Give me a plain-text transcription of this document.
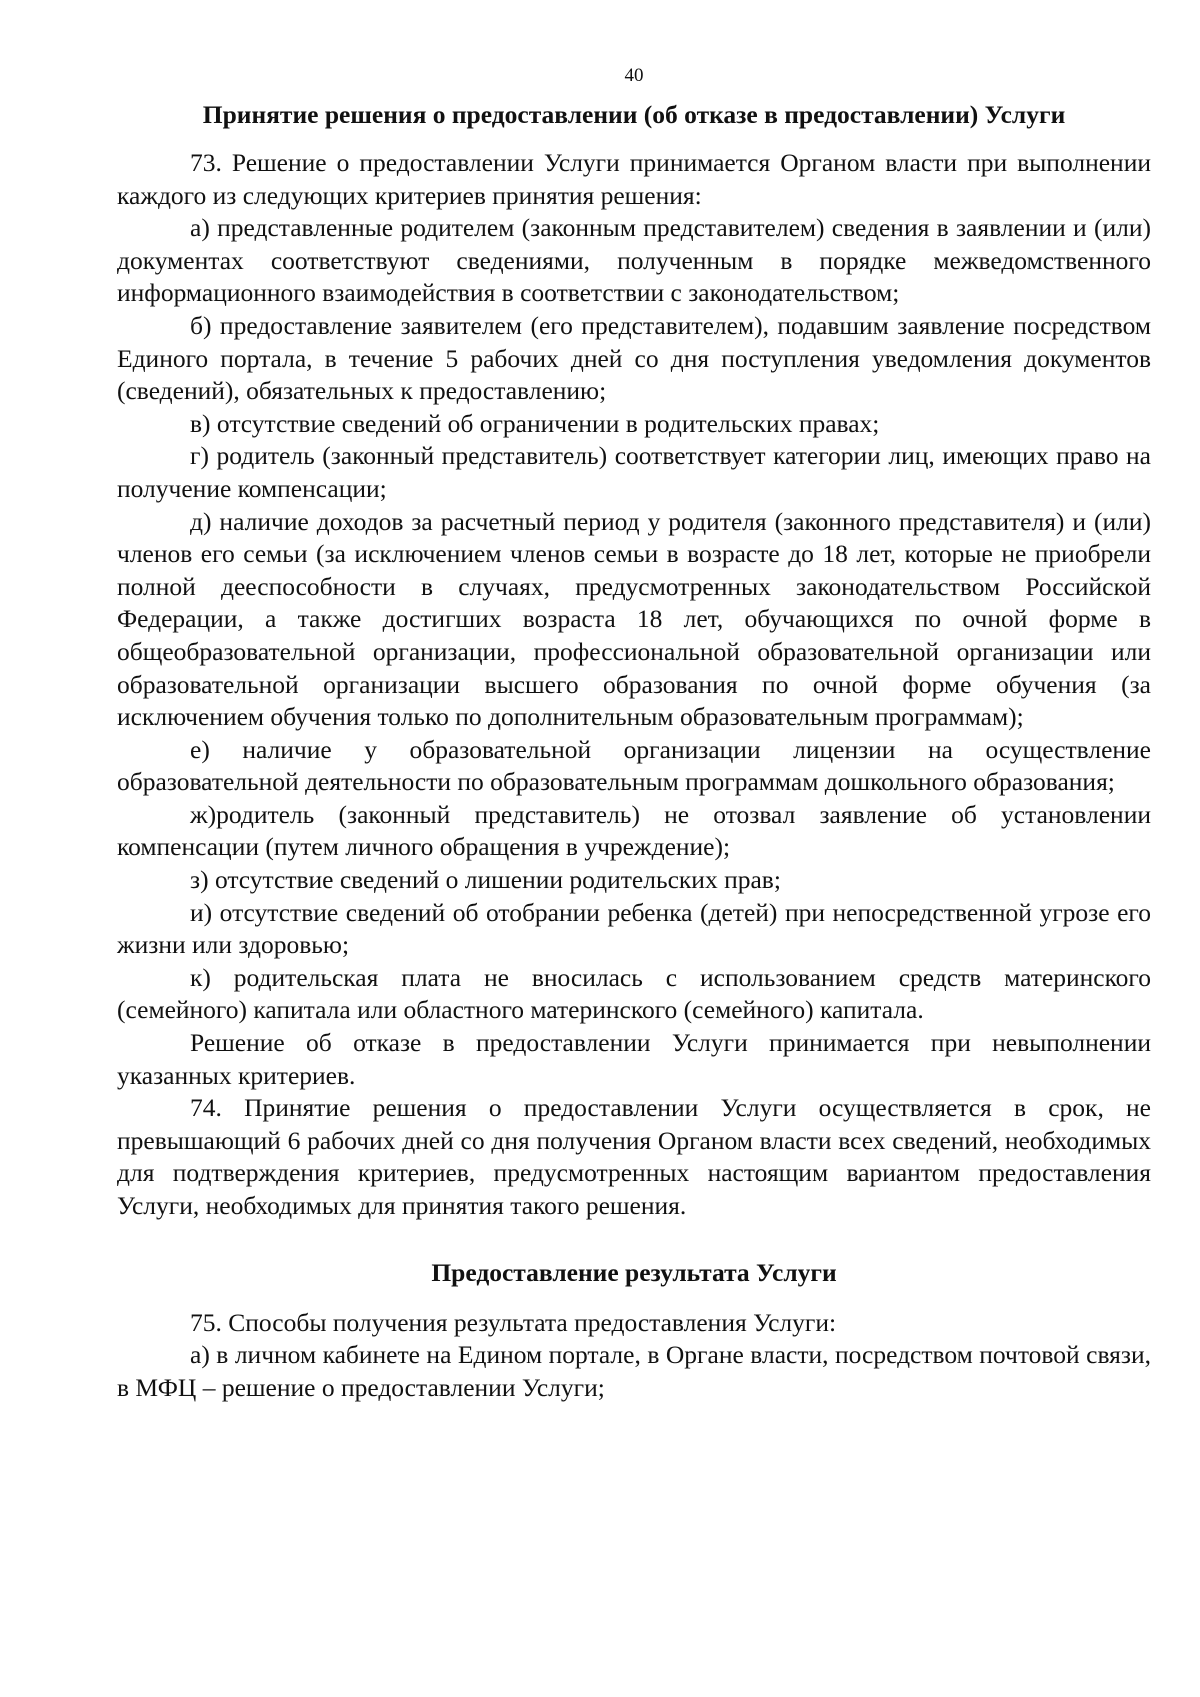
40
Принятие решения о предоставлении (об отказе в предоставлении) Услуги

73. Решение о предоставлении Услуги принимается Органом власти при выполнении каждого из следующих критериев принятия решения:

а) представленные родителем (законным представителем) сведения в заявлении и (или) документах соответствуют сведениями, полученным в порядке межведомственного информационного взаимодействия в соответствии с законодательством;

б) предоставление заявителем (его представителем), подавшим заявление посредством Единого портала, в течение 5 рабочих дней со дня поступления уведомления документов (сведений), обязательных к предоставлению;

в) отсутствие сведений об ограничении в родительских правах;

г) родитель (законный представитель) соответствует категории лиц, имеющих право на получение компенсации;

д) наличие доходов за расчетный период у родителя (законного представителя) и (или) членов его семьи (за исключением членов семьи в возрасте до 18 лет, которые не приобрели полной дееспособности в случаях, предусмотренных законодательством Российской Федерации, а также достигших возраста 18 лет, обучающихся по очной форме в общеобразовательной организации, профессиональной образовательной организации или образовательной организации высшего образования по очной форме обучения (за исключением обучения только по дополнительным образовательным программам);

е) наличие у образовательной организации лицензии на осуществление образовательной деятельности по образовательным программам дошкольного образования;

ж)родитель (законный представитель) не отозвал заявление об установлении компенсации (путем личного обращения в учреждение);

з) отсутствие сведений о лишении родительских прав;

и) отсутствие сведений об отобрании ребенка (детей) при непосредственной угрозе его жизни или здоровью;

к) родительская плата не вносилась с использованием средств материнского (семейного) капитала или областного материнского (семейного) капитала.

Решение об отказе в предоставлении Услуги принимается при невыполнении указанных критериев.

74. Принятие решения о предоставлении Услуги осуществляется в срок, не превышающий 6 рабочих дней со дня получения Органом власти всех сведений, необходимых для подтверждения критериев, предусмотренных настоящим вариантом предоставления Услуги, необходимых для принятия такого решения.

Предоставление результата Услуги

75. Способы получения результата предоставления Услуги:

а) в личном кабинете на Едином портале, в Органе власти, посредством почтовой связи, в МФЦ – решение о предоставлении Услуги;
